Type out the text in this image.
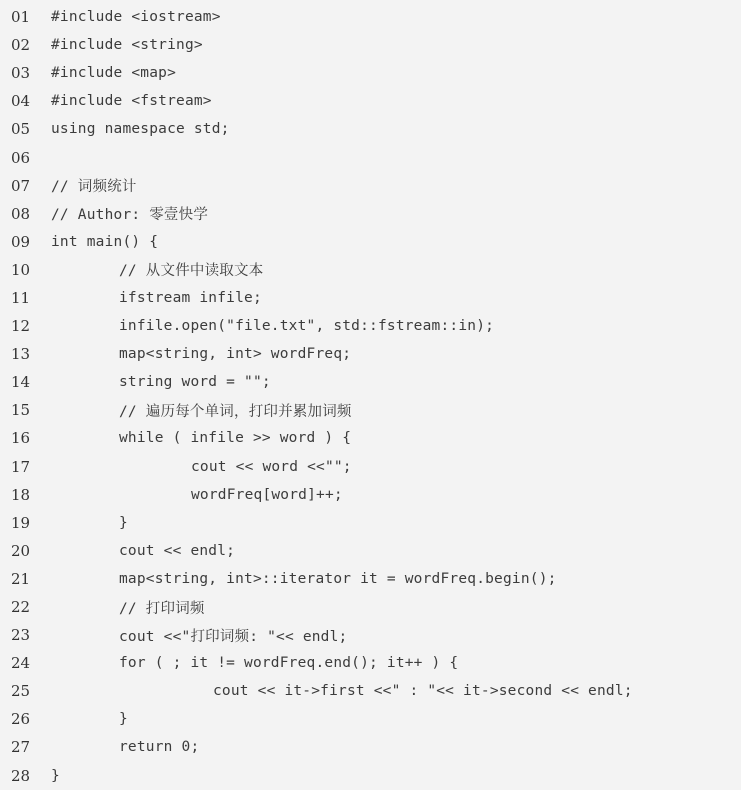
01	#include <iostream>
02	#include <string>
03	#include <map>
04	#include <fstream>
05	using namespace std;
06
07	// 词频统计
08	// Author: 零壹快学
09	int main() {
10	// 从文件中读取文本
11	ifstream infile;
12	infile.open("file.txt", std::fstream::in);
13	map<string, int> wordFreq;
14	string word = "";
15	// 遍历每个单词，打印并累加词频
16	while ( infile >> word ) {
17	cout << word <<"";
18	wordFreq[word]++;
19	}
20	cout << endl;
21	map<string, int>::iterator it = wordFreq.begin();
22	// 打印词频
23	cout <<"打印词频: "<< endl;
24	for ( ; it != wordFreq.end(); it++ ) {
25	cout << it->first <<" : "<< it->second << endl;
26	}
27	return 0;
28	}
